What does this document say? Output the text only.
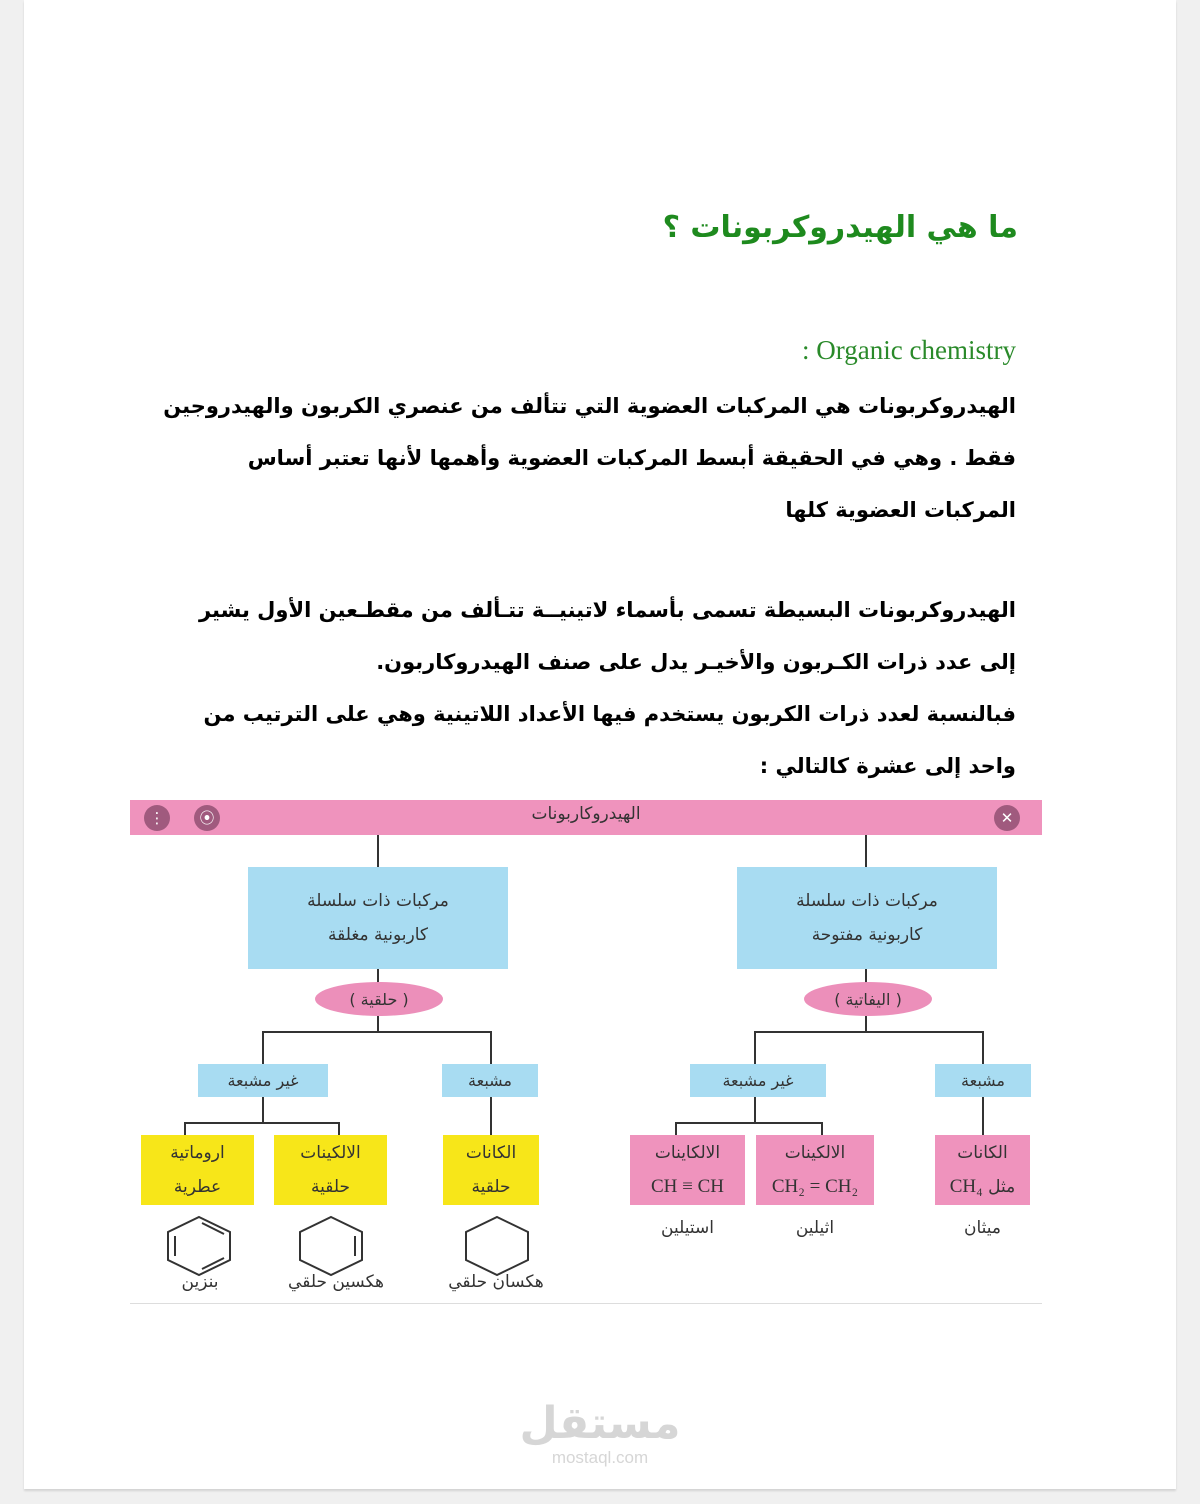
ما هي الهيدروكربونات ؟
: Organic chemistry

الهيدروكربونات هي المركبات العضوية التي تتألف من عنصري الكربون والهيدروجين فقط . وهي في الحقيقة أبسط المركبات العضوية وأهمها لأنها تعتبر أساس المركبات العضوية كلها

الهيدروكربونات البسيطة تسمى بأسماء لاتينيــة تتـألف من مقطـعين الأول يشير إلى عدد ذرات الكـربون والأخيـر يدل على صنف الهيدروكاربون.

فبالنسبة لعدد ذرات الكربون يستخدم فيها الأعداد اللاتينية وهي على الترتيب من واحد إلى عشرة كالتالي :

الهيدروكاربونات
⋮ ⦿	✕
مركبات ذات سلسلة
كاربونية مغلقة
مركبات ذات سلسلة
كاربونية مفتوحة
( حلقية )	( اليفاتية )
غير مشبعة	مشبعة	غير مشبعة	مشبعة
اروماتية
عطرية
الالكينات
حلقية
الكانات
حلقية
الالكاينات
CH ≡ CH
الالكينات
CH₂ = CH₂
الكانات
مثل CH₄
استيلين	اثيلين	ميثان
بنزين	هكسين حلقي	هكسان حلقي
مستقل
mostaql.com
